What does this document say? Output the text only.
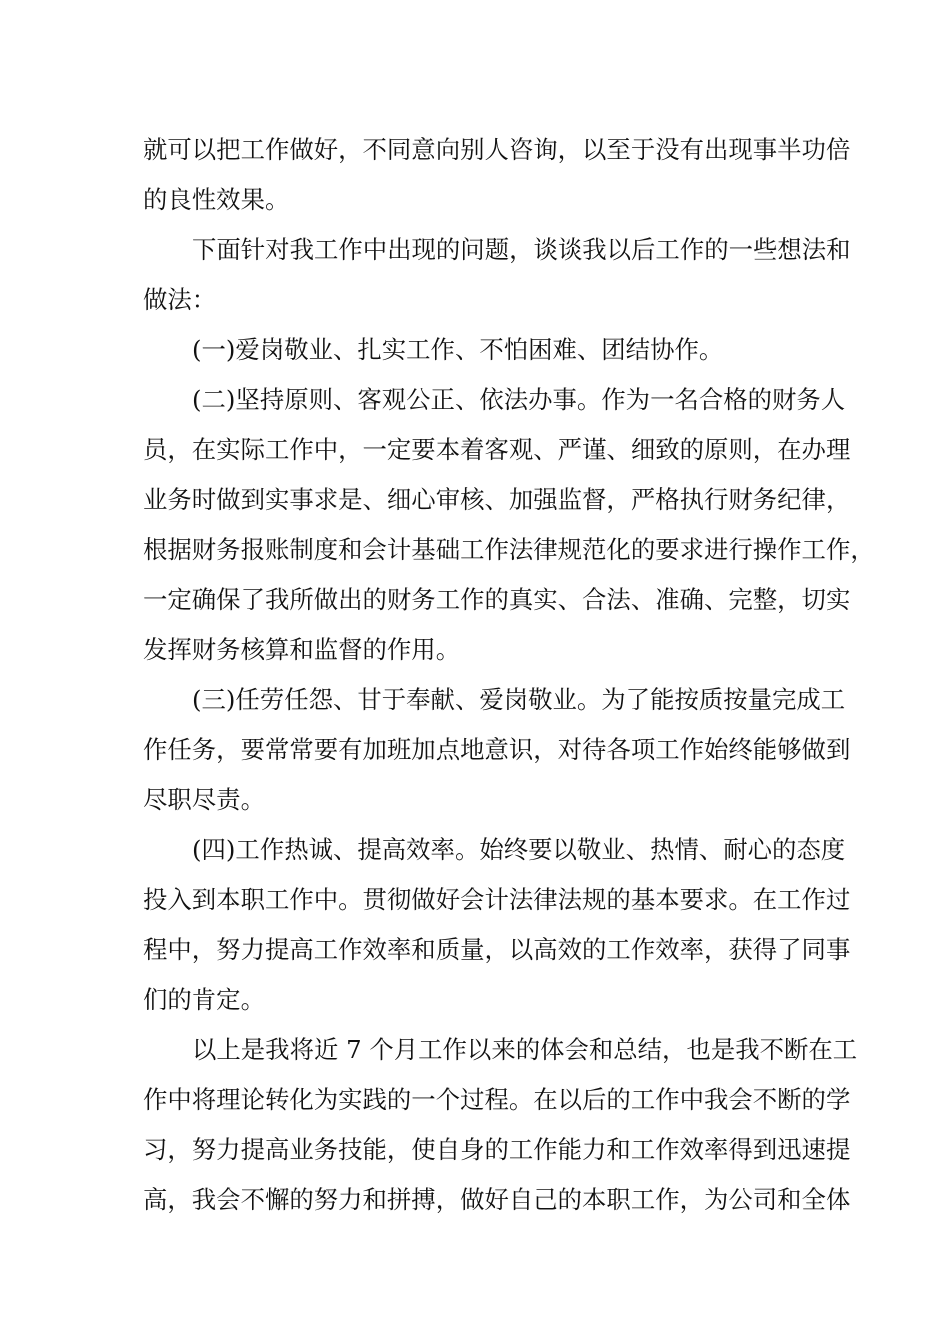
就可以把工作做好，不同意向别人咨询，以至于没有出现事半功倍
的良性效果。
下面针对我工作中出现的问题，谈谈我以后工作的一些想法和
做法：
(一)爱岗敬业、扎实工作、不怕困难、团结协作。
(二)坚持原则、客观公正、依法办事。作为一名合格的财务人
员，在实际工作中，一定要本着客观、严谨、细致的原则，在办理
业务时做到实事求是、细心审核、加强监督，严格执行财务纪律，
根据财务报账制度和会计基础工作法律规范化的要求进行操作工作，
一定确保了我所做出的财务工作的真实、合法、准确、完整，切实
发挥财务核算和监督的作用。
(三)任劳任怨、甘于奉献、爱岗敬业。为了能按质按量完成工
作任务，要常常要有加班加点地意识，对待各项工作始终能够做到
尽职尽责。
(四)工作热诚、提高效率。始终要以敬业、热情、耐心的态度
投入到本职工作中。贯彻做好会计法律法规的基本要求。在工作过
程中，努力提高工作效率和质量，以高效的工作效率，获得了同事
们的肯定。
以上是我将近 7 个月工作以来的体会和总结，也是我不断在工
作中将理论转化为实践的一个过程。在以后的工作中我会不断的学
习，努力提高业务技能，使自身的工作能力和工作效率得到迅速提
高，我会不懈的努力和拼搏，做好自己的本职工作，为公司和全体
